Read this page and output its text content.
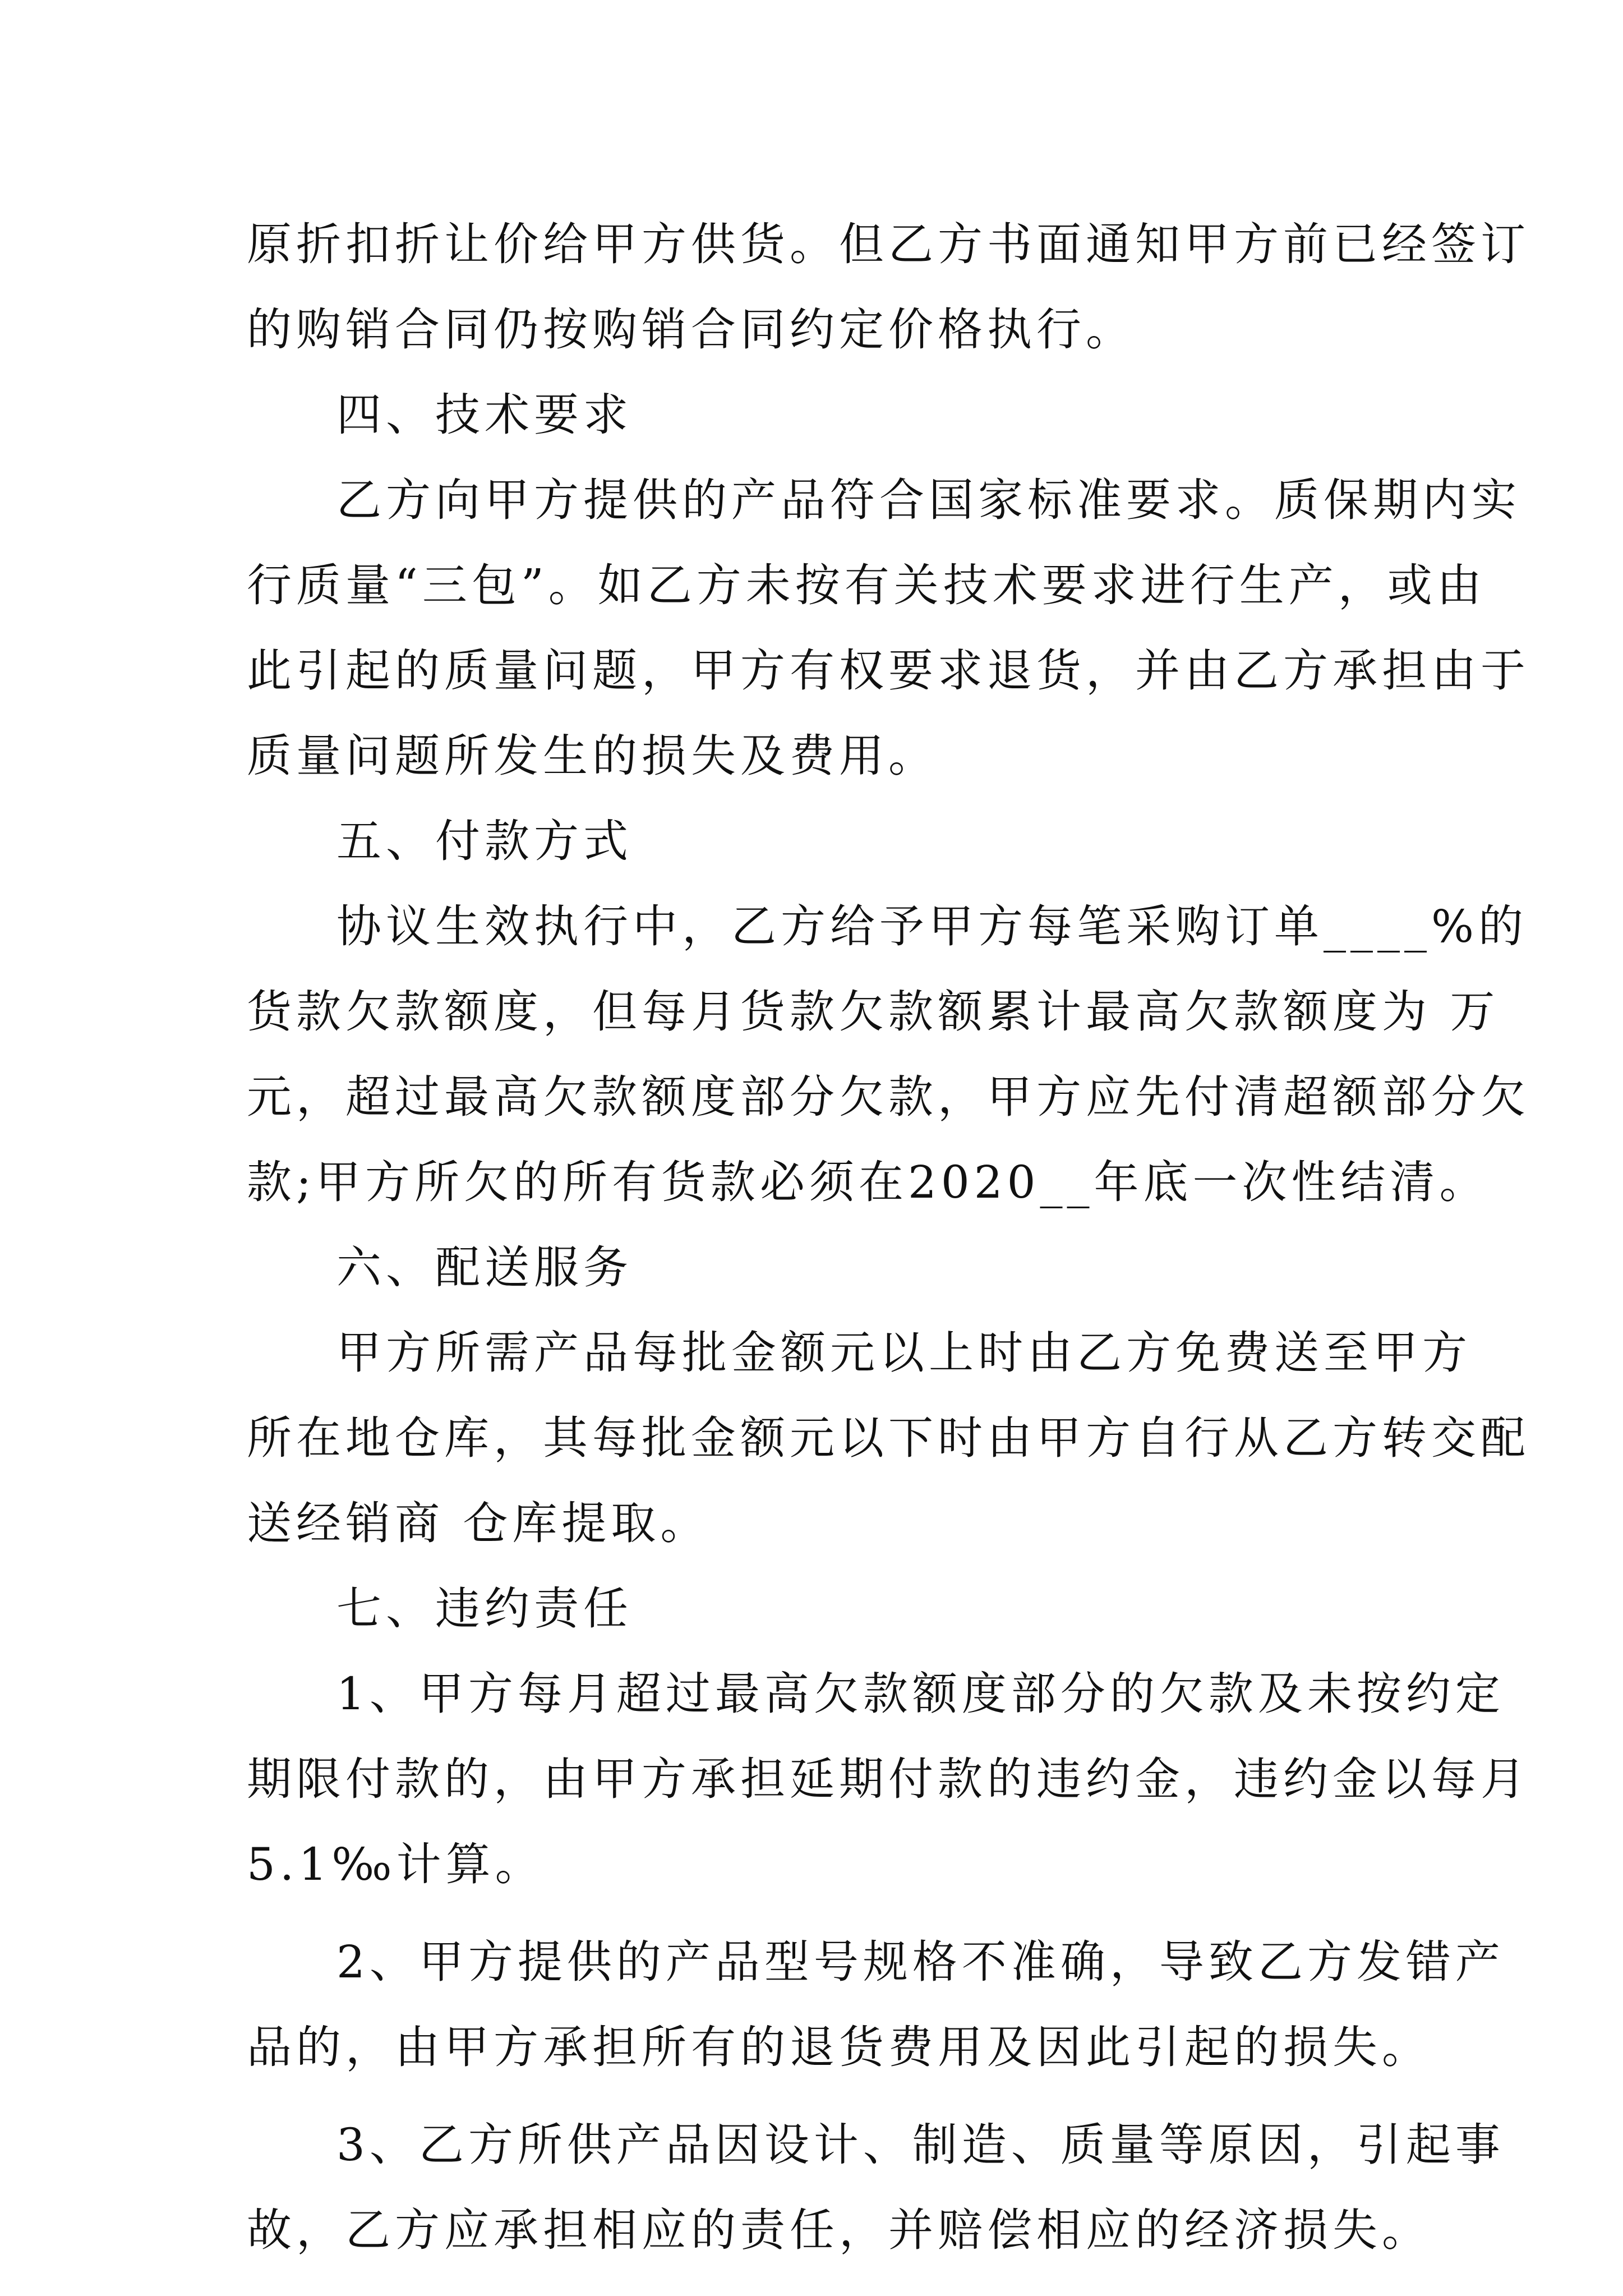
原折扣折让价给甲方供货。但乙方书面通知甲方前已经签订
的购销合同仍按购销合同约定价格执行。
四、技术要求
乙方向甲方提供的产品符合国家标准要求。质保期内实
行质量“三包”。如乙方未按有关技术要求进行生产，或由
此引起的质量问题，甲方有权要求退货，并由乙方承担由于
质量问题所发生的损失及费用。
五、付款方式
协议生效执行中，乙方给予甲方每笔采购订单____%的
货款欠款额度，但每月货款欠款额累计最高欠款额度为 万
元，超过最高欠款额度部分欠款，甲方应先付清超额部分欠
款;甲方所欠的所有货款必须在2020__年底一次性结清。
六、配送服务
甲方所需产品每批金额元以上时由乙方免费送至甲方
所在地仓库，其每批金额元以下时由甲方自行从乙方转交配
送经销商 仓库提取。
七、违约责任
1、甲方每月超过最高欠款额度部分的欠款及未按约定
期限付款的，由甲方承担延期付款的违约金，违约金以每月
5.1‰计算。
2、甲方提供的产品型号规格不准确，导致乙方发错产
品的，由甲方承担所有的退货费用及因此引起的损失。
3、乙方所供产品因设计、制造、质量等原因，引起事
故，乙方应承担相应的责任，并赔偿相应的经济损失。
